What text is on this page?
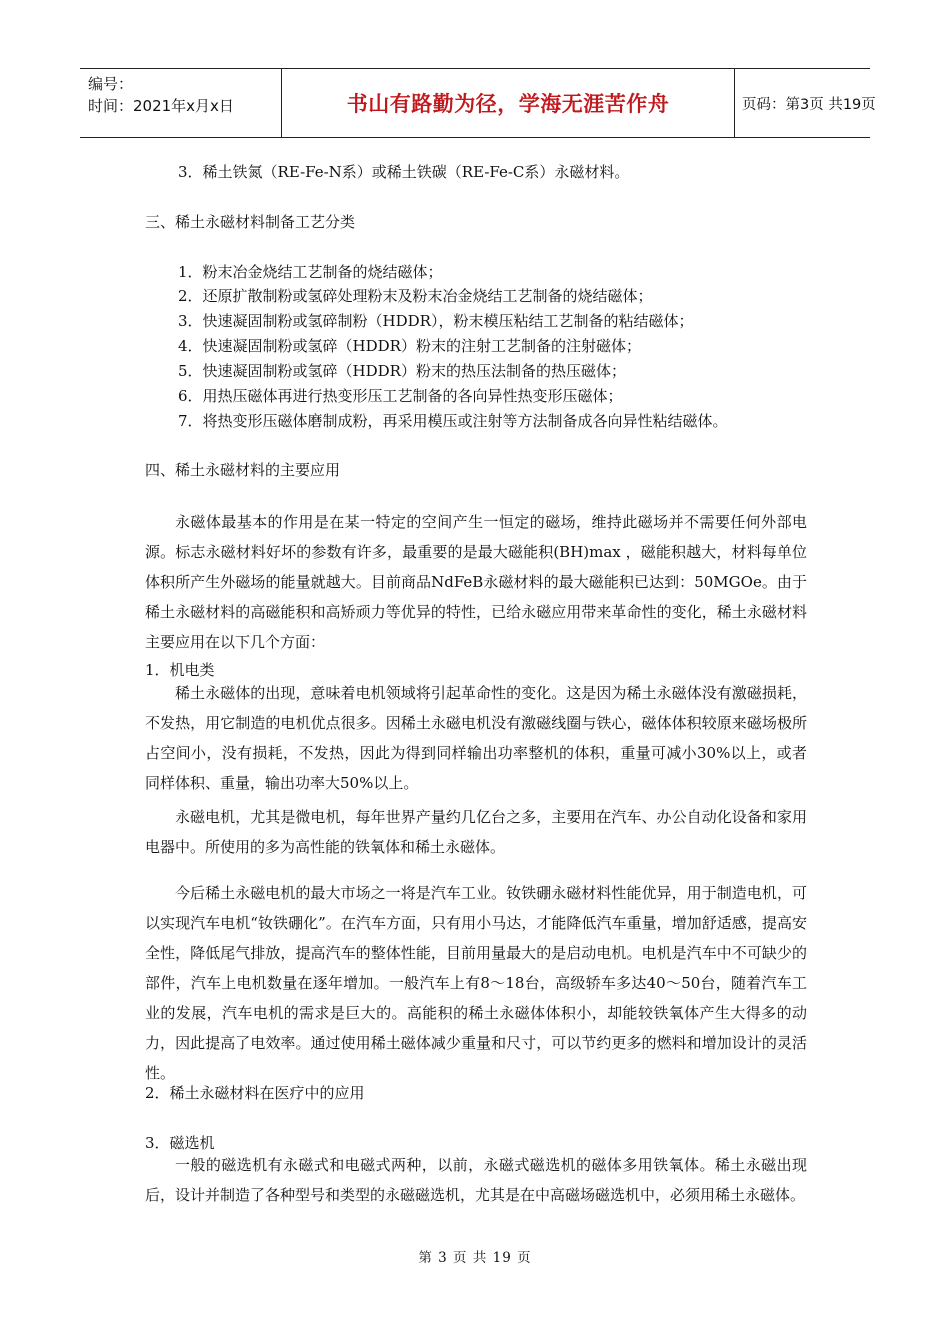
编号：
时间：2021年x月x日	书山有路勤为径，学海无涯苦作舟	页码：第3页 共19页
3．稀土铁氮（RE-Fe-N系）或稀土铁碳（RE-Fe-C系）永磁材料。
三、稀土永磁材料制备工艺分类
1．粉末冶金烧结工艺制备的烧结磁体；
2．还原扩散制粉或氢碎处理粉末及粉末冶金烧结工艺制备的烧结磁体；
3．快速凝固制粉或氢碎制粉（HDDR），粉末模压粘结工艺制备的粘结磁体；
4．快速凝固制粉或氢碎（HDDR）粉末的注射工艺制备的注射磁体；
5．快速凝固制粉或氢碎（HDDR）粉末的热压法制备的热压磁体；
6．用热压磁体再进行热变形压工艺制备的各向异性热变形压磁体；
7．将热变形压磁体磨制成粉，再采用模压或注射等方法制备成各向异性粘结磁体。
四、稀土永磁材料的主要应用
永磁体最基本的作用是在某一特定的空间产生一恒定的磁场，维持此磁场并不需要任何外部电源。标志永磁材料好坏的参数有许多，最重要的是最大磁能积(BH)max ，磁能积越大，材料每单位体积所产生外磁场的能量就越大。目前商品NdFeB永磁材料的最大磁能积已达到：50MGOe。由于稀土永磁材料的高磁能积和高矫顽力等优异的特性，已给永磁应用带来革命性的变化，稀土永磁材料主要应用在以下几个方面：
1．机电类
稀土永磁体的出现，意味着电机领域将引起革命性的变化。这是因为稀土永磁体没有激磁损耗，不发热，用它制造的电机优点很多。因稀土永磁电机没有激磁线圈与铁心，磁体体积较原来磁场极所占空间小，没有损耗，不发热，因此为得到同样输出功率整机的体积，重量可减小30%以上，或者同样体积、重量，输出功率大50%以上。
永磁电机，尤其是微电机，每年世界产量约几亿台之多，主要用在汽车、办公自动化设备和家用电器中。所使用的多为高性能的铁氧体和稀土永磁体。
今后稀土永磁电机的最大市场之一将是汽车工业。钕铁硼永磁材料性能优异，用于制造电机，可以实现汽车电机“钕铁硼化”。在汽车方面，只有用小马达，才能降低汽车重量，增加舒适感，提高安全性，降低尾气排放，提高汽车的整体性能，目前用量最大的是启动电机。电机是汽车中不可缺少的部件，汽车上电机数量在逐年增加。一般汽车上有8～18台，高级轿车多达40～50台，随着汽车工业的发展，汽车电机的需求是巨大的。高能积的稀土永磁体体积小，却能较铁氧体产生大得多的动力，因此提高了电效率。通过使用稀土磁体减少重量和尺寸，可以节约更多的燃料和增加设计的灵活性。
2．稀土永磁材料在医疗中的应用
3．磁选机
一般的磁选机有永磁式和电磁式两种，以前，永磁式磁选机的磁体多用铁氧体。稀土永磁出现后，设计并制造了各种型号和类型的永磁磁选机，尤其是在中高磁场磁选机中，必须用稀土永磁体。
第 3 页 共 19 页
